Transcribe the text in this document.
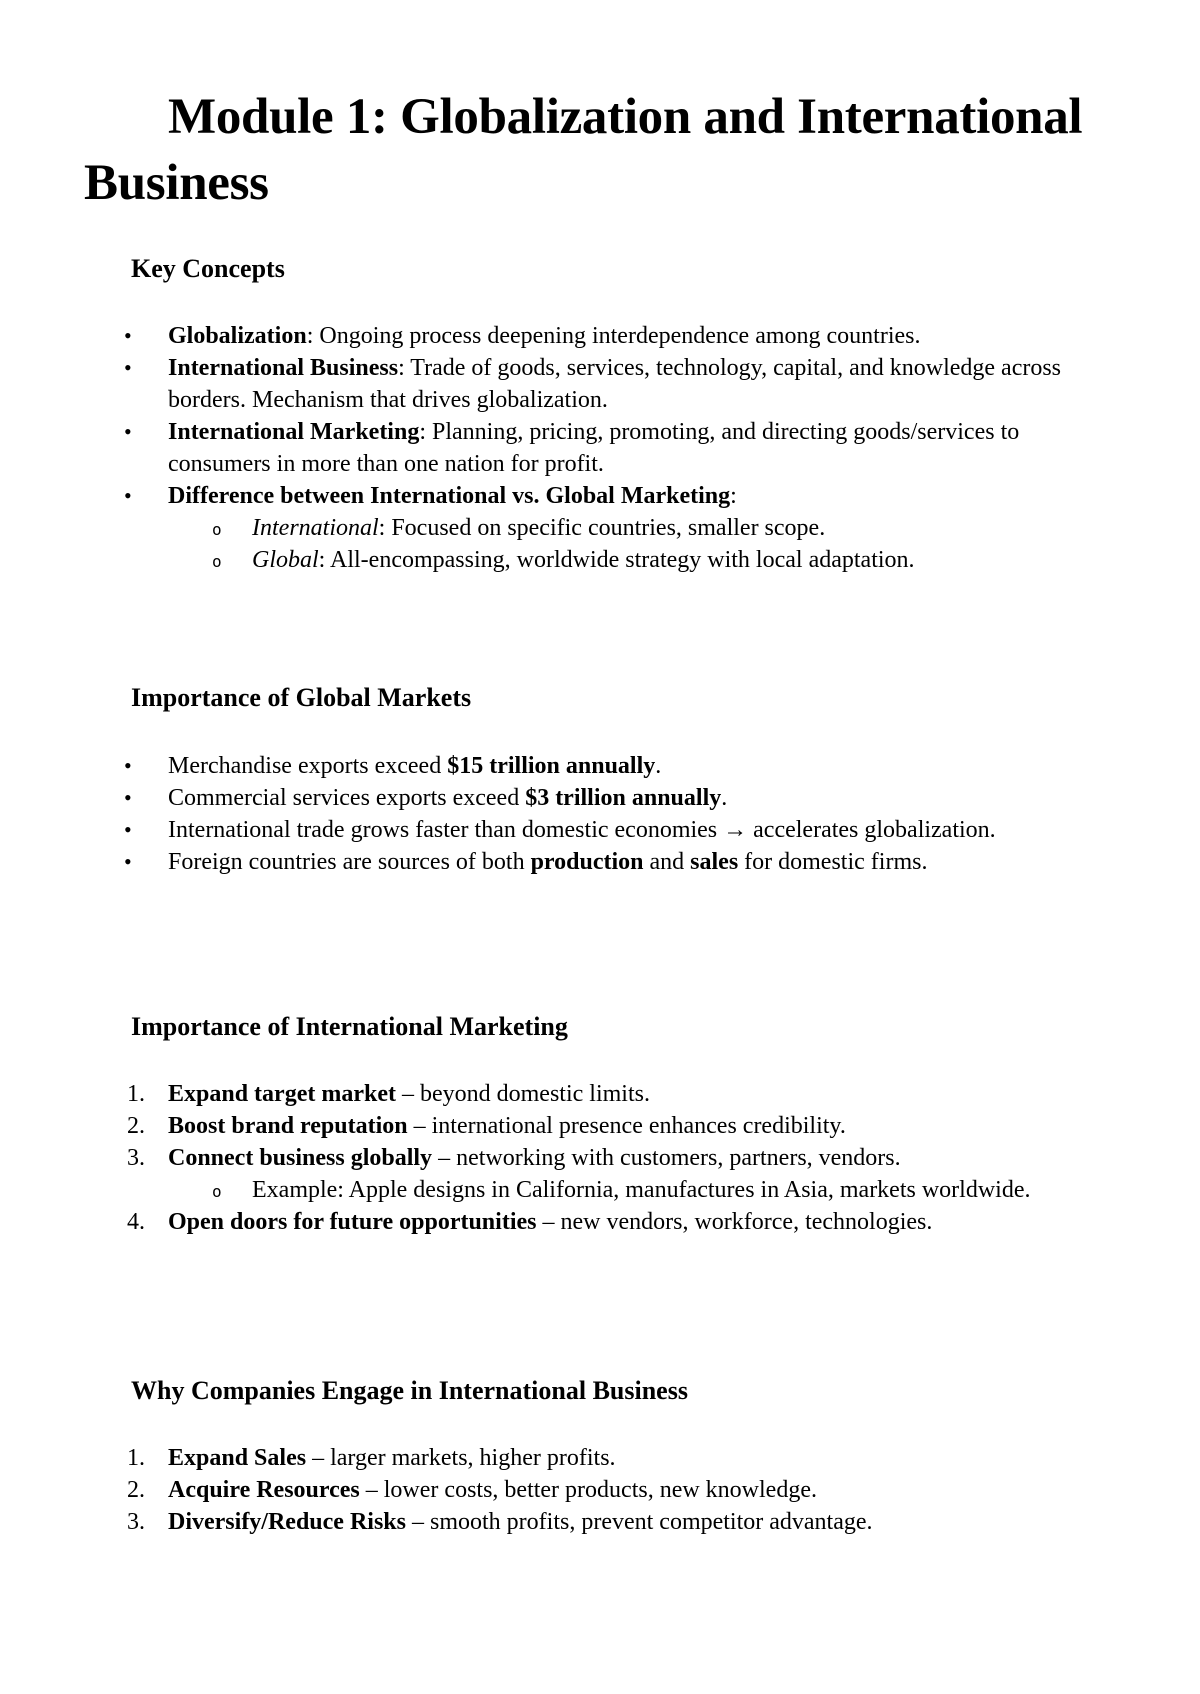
Module 1: Globalization and International Business
Key Concepts
•	Globalization: Ongoing process deepening interdependence among countries.
•	International Business: Trade of goods, services, technology, capital, and knowledge across borders. Mechanism that drives globalization.
•	International Marketing: Planning, pricing, promoting, and directing goods/services to consumers in more than one nation for profit.
•	Difference between International vs. Global Marketing:
o	International: Focused on specific countries, smaller scope.
o	Global: All-encompassing, worldwide strategy with local adaptation.
Importance of Global Markets
•	Merchandise exports exceed $15 trillion annually.
•	Commercial services exports exceed $3 trillion annually.
•	International trade grows faster than domestic economies → accelerates globalization.
•	Foreign countries are sources of both production and sales for domestic firms.
Importance of International Marketing
1. Expand target market – beyond domestic limits.
2. Boost brand reputation – international presence enhances credibility.
3. Connect business globally – networking with customers, partners, vendors.
o	Example: Apple designs in California, manufactures in Asia, markets worldwide.
4. Open doors for future opportunities – new vendors, workforce, technologies.
Why Companies Engage in International Business
1. Expand Sales – larger markets, higher profits.
2. Acquire Resources – lower costs, better products, new knowledge.
3. Diversify/Reduce Risks – smooth profits, prevent competitor advantage.
